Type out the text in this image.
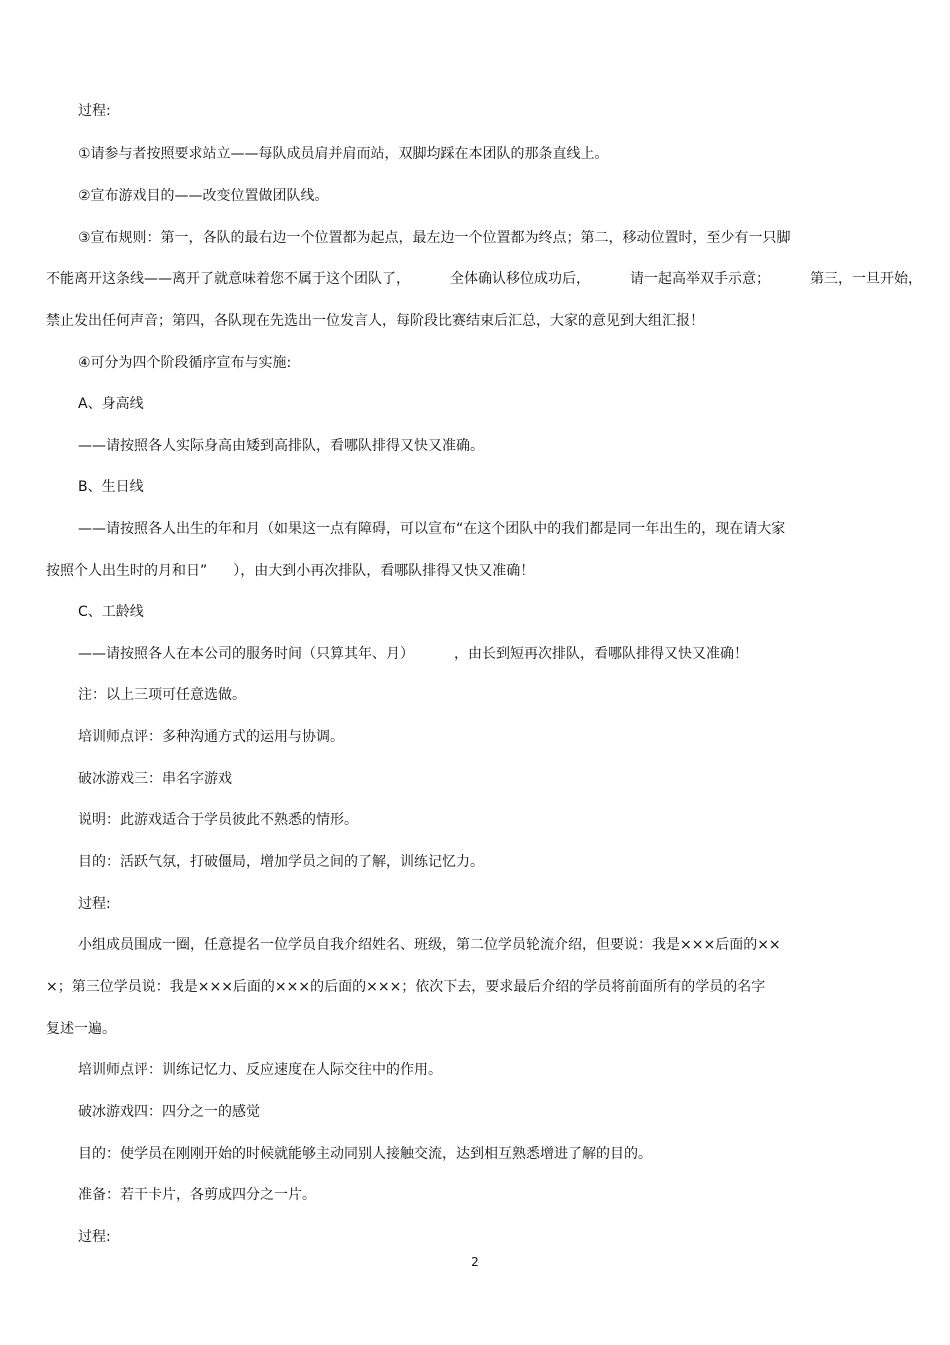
过程:
①请参与者按照要求站立——每队成员肩并肩而站，双脚均踩在本团队的那条直线上。
②宣布游戏目的——改变位置做团队线。
③宣布规则：第一，各队的最右边一个位置都为起点，最左边一个位置都为终点；第二，移动位置时，至少有一只脚
不能离开这条线——离开了就意味着您不属于这个团队了，	全体确认移位成功后，	请一起高举双手示意；	第三，一旦开始，
禁止发出任何声音；第四，各队现在先选出一位发言人，每阶段比赛结束后汇总，大家的意见到大组汇报！
④可分为四个阶段循序宣布与实施:
A、身高线
——请按照各人实际身高由矮到高排队，看哪队排得又快又准确。
B、生日线
——请按照各人出生的年和月（如果这一点有障碍，可以宣布“在这个团队中的我们都是同一年出生的，现在请大家
按照个人出生时的月和日” ），由大到小再次排队，看哪队排得又快又准确！
C、工龄线
——请按照各人在本公司的服务时间（只算其年、月）	，由长到短再次排队，看哪队排得又快又准确！
注：以上三项可任意选做。
培训师点评：多种沟通方式的运用与协调。
破冰游戏三：串名字游戏
说明：此游戏适合于学员彼此不熟悉的情形。
目的：活跃气氛，打破僵局，增加学员之间的了解，训练记忆力。
过程:
小组成员围成一圈，任意提名一位学员自我介绍姓名、班级，第二位学员轮流介绍，但要说：我是×××后面的××
×；第三位学员说：我是×××后面的×××的后面的×××；依次下去，要求最后介绍的学员将前面所有的学员的名字
复述一遍。
培训师点评：训练记忆力、反应速度在人际交往中的作用。
破冰游戏四：四分之一的感觉
目的：使学员在刚刚开始的时候就能够主动同别人接触交流，达到相互熟悉增进了解的目的。
准备：若干卡片，各剪成四分之一片。
过程:
2
